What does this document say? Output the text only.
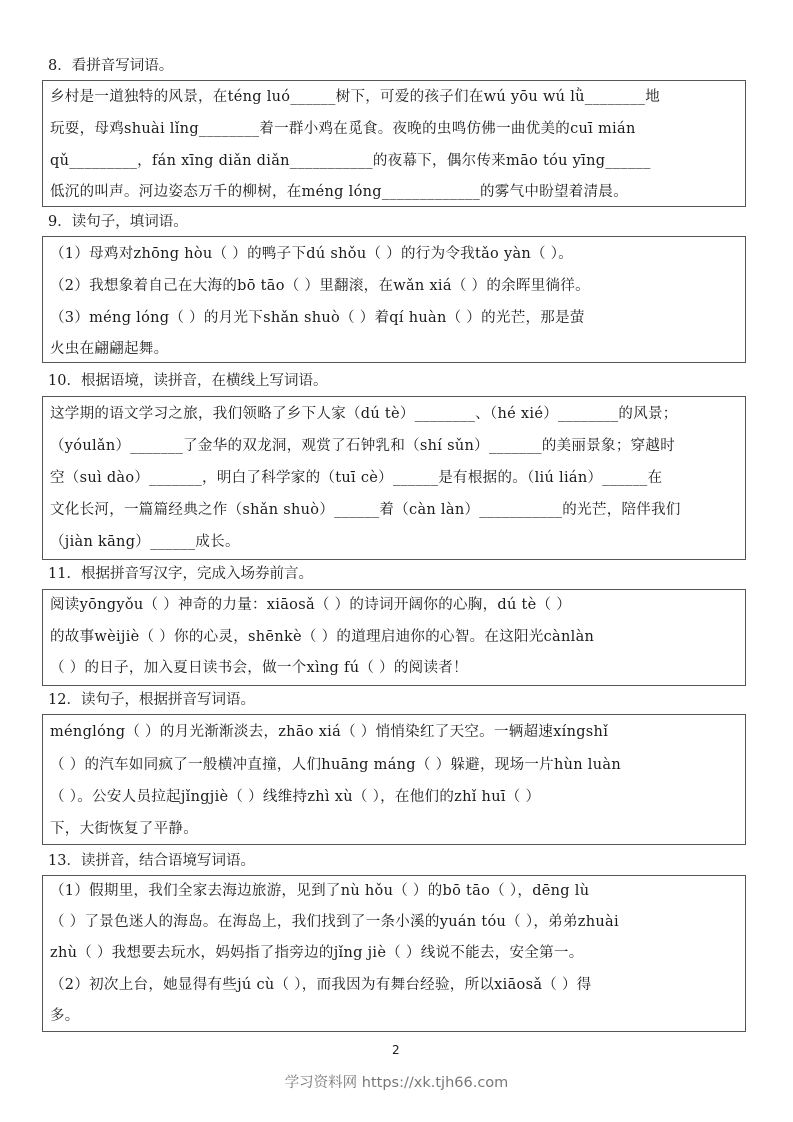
8．看拼音写词语。
乡村是一道独特的风景，在téng luó______树下，可爱的孩子们在wú yōu wú lǜ________地
玩耍，母鸡shuài lǐng________着一群小鸡在觅食。夜晚的虫鸣仿佛一曲优美的cuī mián
qǔ_________，fán xīng diǎn diǎn___________的夜幕下，偶尔传来māo tóu yīng______
低沉的叫声。河边姿态万千的柳树，在méng lóng_____________的雾气中盼望着清晨。
9．读句子，填词语。
（1）母鸡对zhōng hòu（ ）的鸭子下dú shǒu（ ）的行为令我tǎo yàn（ ）。
（2）我想象着自己在大海的bō tāo（ ）里翻滚，在wǎn xiá（ ）的余晖里徜徉。
（3）méng lóng（ ）的月光下shǎn shuò（ ）着qí huàn（ ）的光芒，那是萤
火虫在翩翩起舞。
10．根据语境，读拼音，在横线上写词语。
这学期的语文学习之旅，我们领略了乡下人家（dú tè）________、（hé xié）________的风景；
（yóulǎn）_______了金华的双龙洞，观赏了石钟乳和（shí sǔn）_______的美丽景象；穿越时
空（suì dào）_______，明白了科学家的（tuī cè）______是有根据的。（liú lián）______在
文化长河，一篇篇经典之作（shǎn shuò）______着（càn làn）___________的光芒，陪伴我们
（jiàn kāng）______成长。
11．根据拼音写汉字，完成入场券前言。
阅读yōngyǒu（ ）神奇的力量：xiāosǎ（ ）的诗词开阔你的心胸，dú tè（ ）
的故事wèijiè（ ）你的心灵，shēnkè（ ）的道理启迪你的心智。在这阳光cànlàn
（ ）的日子，加入夏日读书会，做一个xìng fú（ ）的阅读者！
12．读句子，根据拼音写词语。
ménglóng（ ）的月光渐渐淡去，zhāo xiá（ ）悄悄染红了天空。一辆超速xíngshǐ
（ ）的汽车如同疯了一般横冲直撞，人们huāng máng（ ）躲避，现场一片hùn luàn
（ ）。公安人员拉起jǐngjiè（ ）线维持zhì xù（ ），在他们的zhǐ huī（ ）
下，大街恢复了平静。
13．读拼音，结合语境写词语。
（1）假期里，我们全家去海边旅游，见到了nù hǒu（ ）的bō tāo（ ），dēng lù
（ ）了景色迷人的海岛。在海岛上，我们找到了一条小溪的yuán tóu（ ），弟弟zhuài
zhù（ ）我想要去玩水，妈妈指了指旁边的jǐng jiè（ ）线说不能去，安全第一。
（2）初次上台，她显得有些jú cù（ ），而我因为有舞台经验，所以xiāosǎ（ ）得
多。
2
学习资料网 https://xk.tjh66.com
